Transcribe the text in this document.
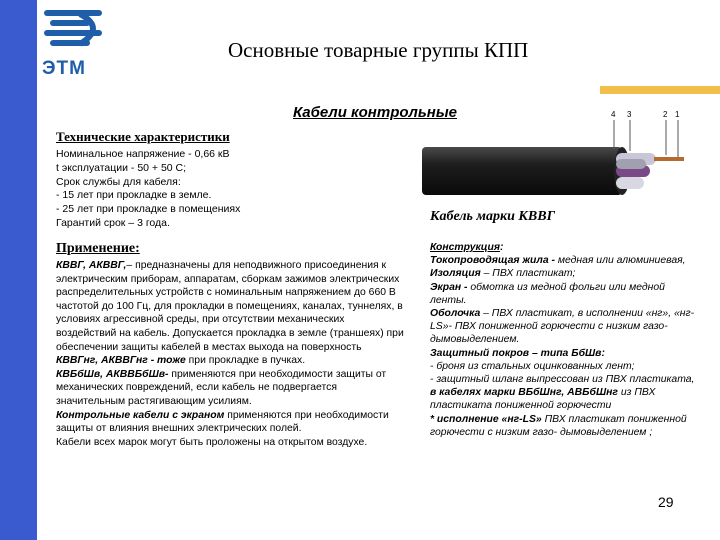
ЭТМ
Основные товарные группы КПП
Кабели контрольные
Технические характеристики
Номинальное напряжение - 0,66 кВ
t эксплуатации - 50 + 50 С;
Срок службы для кабеля:
- 15 лет при прокладке в земле.
- 25 лет при прокладке в помещениях
Гарантий срок – 3 года.
Применение:

КВВГ, АКВВГ,– предназначены для неподвижного присоединения к электрическим приборам, аппаратам, сборкам зажимов электрических распределительных устройств с номинальным напряжением до 660 В частотой до 100 Гц, для прокладки в помещениях, каналах, туннелях, в условиях агрессивной среды, при отсутствии механических воздействий на кабель. Допускается прокладка в земле (траншеях) при обеспечении защиты кабелей в местах выхода на поверхность

КВВГнг, АКВВГнг - тоже при прокладке в пучках.

КВБбШв, АКВВБбШв- применяются при необходимости защиты от механических повреждений, если кабель не подвергается значительным растягивающим усилиям.

Контрольные кабели с экраном применяются при необходимости защиты от влияния внешних электрических полей.

Кабели всех марок могут быть проложены на открытом воздухе.

4 3	2 1
Кабель марки КВВГ

Конструкция:

Токопроводящая жила - медная или алюминиевая,

Изоляция – ПВХ пластикат;

Экран - обмотка из медной фольги или медной ленты.

Оболочка – ПВХ пластикат, в исполнении «нг», «нг-LS»- ПВХ пониженной горючести с низким газо- дымовыделением.

Защитный покров – типа БбШв:

- броня из стальных оцинкованных лент;

- защитный шланг выпрессован из ПВХ пластиката,

в кабелях марки ВБбШнг, АВБбШнг из ПВХ пластиката пониженной горючести

* исполнение «нг-LS» ПВХ пластикат пониженной горючести с низким газо- дымовыделением ;

29
